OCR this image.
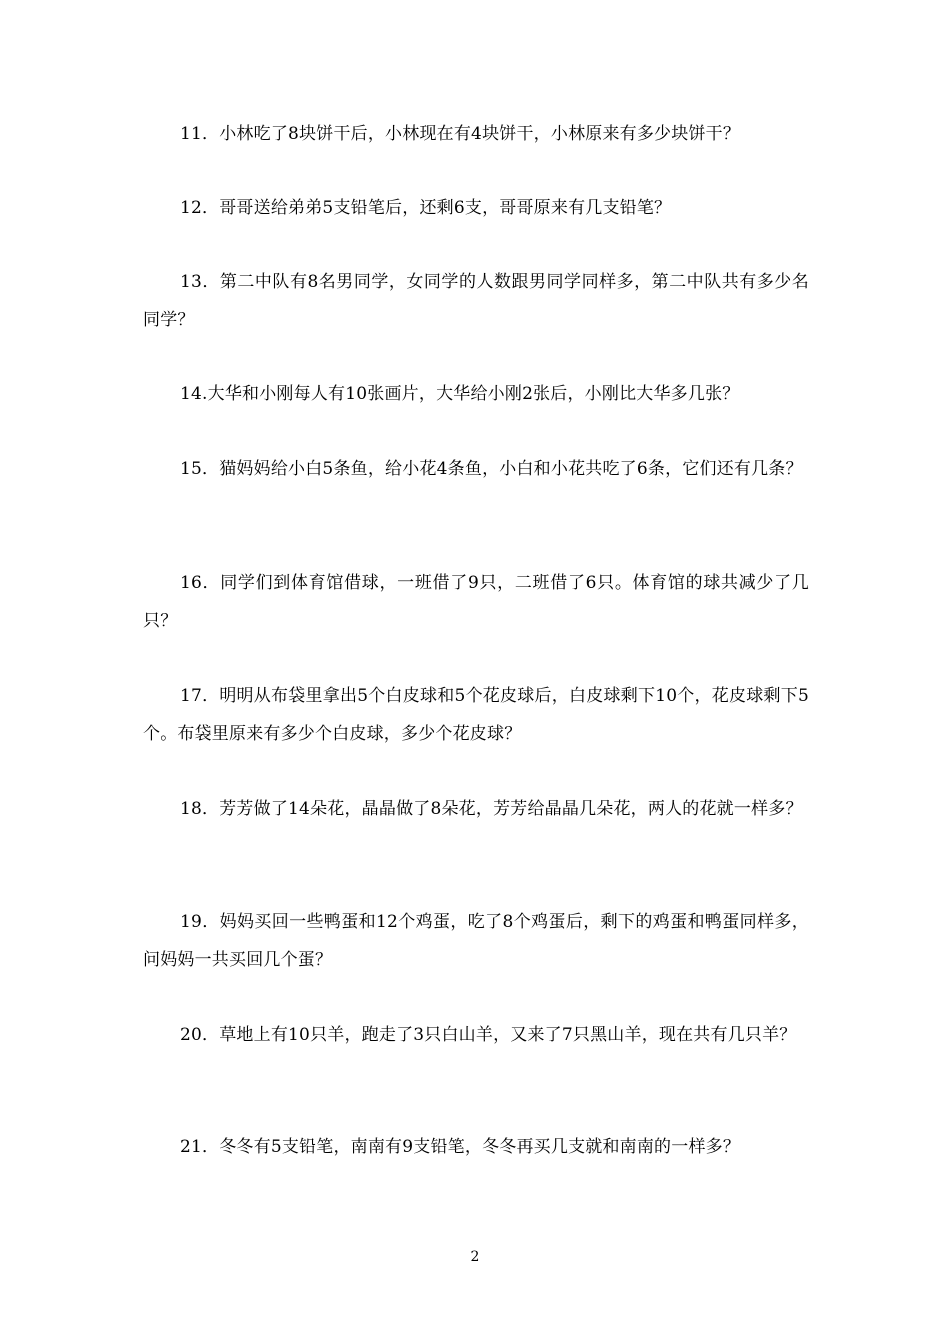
11．小林吃了8块饼干后，小林现在有4块饼干，小林原来有多少块饼干？

12．哥哥送给弟弟5支铅笔后，还剩6支，哥哥原来有几支铅笔？

13．第二中队有8名男同学，女同学的人数跟男同学同样多，第二中队共有多少名同学？

14.大华和小刚每人有10张画片，大华给小刚2张后，小刚比大华多几张？

15．猫妈妈给小白5条鱼，给小花4条鱼，小白和小花共吃了6条，它们还有几条？

16．同学们到体育馆借球，一班借了9只，二班借了6只。体育馆的球共减少了几只？

17．明明从布袋里拿出5个白皮球和5个花皮球后，白皮球剩下10个，花皮球剩下5个。布袋里原来有多少个白皮球，多少个花皮球？

18．芳芳做了14朵花，晶晶做了8朵花，芳芳给晶晶几朵花，两人的花就一样多？

19．妈妈买回一些鸭蛋和12个鸡蛋，吃了8个鸡蛋后，剩下的鸡蛋和鸭蛋同样多，问妈妈一共买回几个蛋？

20．草地上有10只羊，跑走了3只白山羊，又来了7只黑山羊，现在共有几只羊？

21．冬冬有5支铅笔，南南有9支铅笔，冬冬再买几支就和南南的一样多？

2
